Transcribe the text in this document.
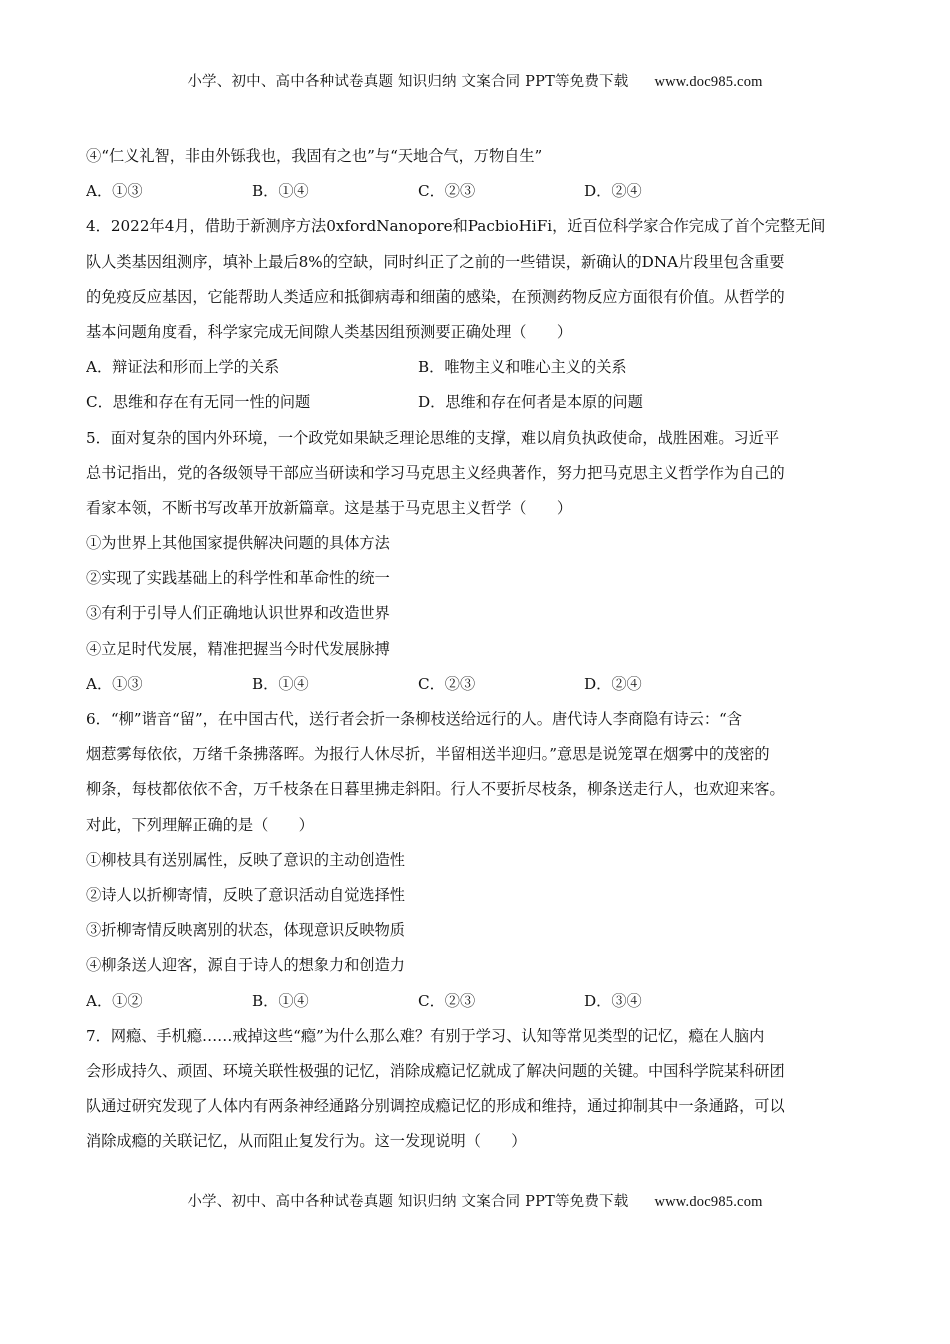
小学、初中、高中各种试卷真题 知识归纳 文案合同 PPT等免费下载 www.doc985.com
④“仁义礼智，非由外铄我也，我固有之也”与“天地合气，万物自生”
A．①③	B．①④	C．②③	D．②④
4．2022年4月，借助于新测序方法0xfordNanopore和PacbioHiFi，近百位科学家合作完成了首个完整无间
队人类基因组测序，填补上最后8%的空缺，同时纠正了之前的一些错误，新确认的DNA片段里包含重要
的免疫反应基因，它能帮助人类适应和抵御病毒和细菌的感染，在预测药物反应方面很有价值。从哲学的
基本问题角度看，科学家完成无间隙人类基因组预测要正确处理（　　）
A．辩证法和形而上学的关系	B．唯物主义和唯心主义的关系
C．思维和存在有无同一性的问题	D．思维和存在何者是本原的问题
5．面对复杂的国内外环境，一个政党如果缺乏理论思维的支撑，难以肩负执政使命，战胜困难。习近平
总书记指出，党的各级领导干部应当研读和学习马克思主义经典著作，努力把马克思主义哲学作为自己的
看家本领，不断书写改革开放新篇章。这是基于马克思主义哲学（　　）
①为世界上其他国家提供解决问题的具体方法
②实现了实践基础上的科学性和革命性的统一
③有利于引导人们正确地认识世界和改造世界
④立足时代发展，精准把握当今时代发展脉搏
A．①③	B．①④	C．②③	D．②④
6．“柳”谐音“留”，在中国古代，送行者会折一条柳枝送给远行的人。唐代诗人李商隐有诗云：“含
烟惹雾每依依，万绪千条拂落晖。为报行人休尽折，半留相送半迎归。”意思是说笼罩在烟雾中的茂密的
柳条，每枝都依依不舍，万千枝条在日暮里拂走斜阳。行人不要折尽枝条，柳条送走行人，也欢迎来客。
对此，下列理解正确的是（　　）
①柳枝具有送别属性，反映了意识的主动创造性
②诗人以折柳寄情，反映了意识活动自觉选择性
③折柳寄情反映离别的状态，体现意识反映物质
④柳条送人迎客，源自于诗人的想象力和创造力
A．①②	B．①④	C．②③	D．③④
7．网瘾、手机瘾……戒掉这些“瘾”为什么那么难？有别于学习、认知等常见类型的记忆，瘾在人脑内
会形成持久、顽固、环境关联性极强的记忆，消除成瘾记忆就成了解决问题的关键。中国科学院某科研团
队通过研究发现了人体内有两条神经通路分别调控成瘾记忆的形成和维持，通过抑制其中一条通路，可以
消除成瘾的关联记忆，从而阻止复发行为。这一发现说明（　　）
小学、初中、高中各种试卷真题 知识归纳 文案合同 PPT等免费下载 www.doc985.com
